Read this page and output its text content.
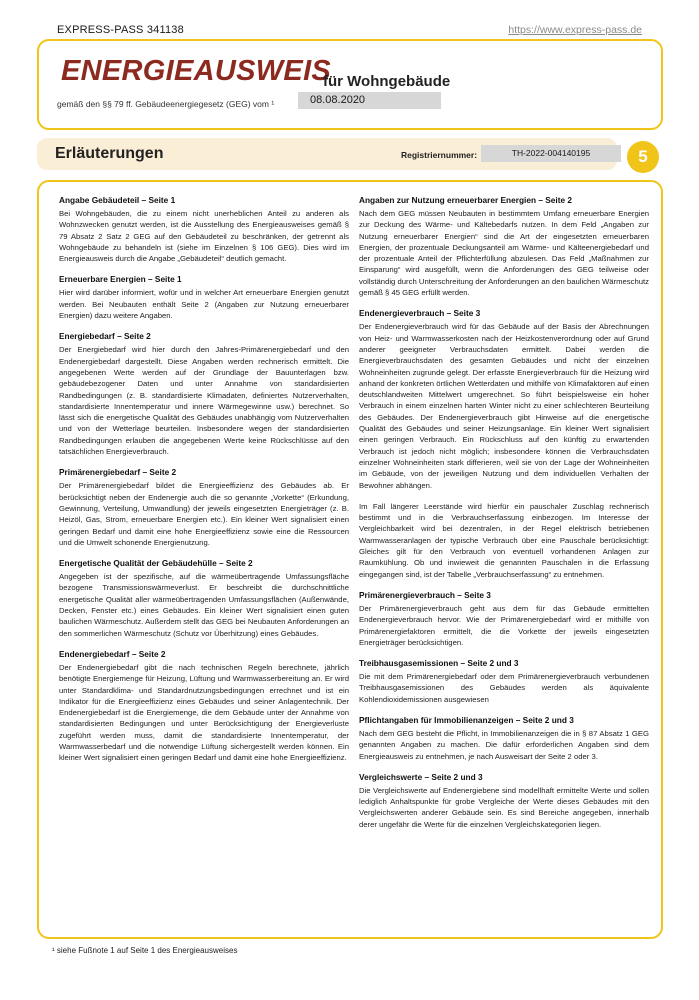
EXPRESS-PASS 341138	https://www.express-pass.de
ENERGIEAUSWEIS
für Wohngebäude
gemäß den §§ 79 ff. Gebäudeenergiegesetz (GEG) vom ¹	08.08.2020
Erläuterungen	Registriernummer:	TH-2022-004140195	5
Angabe Gebäudeteil – Seite 1

Bei Wohngebäuden, die zu einem nicht unerheblichen Anteil zu anderen als Wohnzwecken genutzt werden, ist die Ausstellung des Energieausweises gemäß § 79 Absatz 2 Satz 2 GEG auf den Gebäudeteil zu beschränken, der getrennt als Wohngebäude zu behandeln ist (siehe im Einzelnen § 106 GEG). Dies wird im Energieausweis durch die Angabe „Gebäudeteil“ deutlich gemacht.

Erneuerbare Energien – Seite 1

Hier wird darüber informiert, wofür und in welcher Art erneuerbare Energien genutzt werden. Bei Neubauten enthält Seite 2 (Angaben zur Nutzung erneuerbarer Energien) dazu weitere Angaben.

Energiebedarf – Seite 2

Der Energiebedarf wird hier durch den Jahres-Primärenergiebedarf und den Endenergiebedarf dargestellt. Diese Angaben werden rechnerisch ermittelt. Die angegebenen Werte werden auf der Grundlage der Bauunterlagen bzw. gebäudebezogener Daten und unter Annahme von standardisierten Randbedingungen (z. B. standardisierte Klimadaten, definiertes Nutzerverhalten, standardisierte Innentemperatur und innere Wärmegewinne usw.) berechnet. So lässt sich die energetische Qualität des Gebäudes unabhängig vom Nutzerverhalten und von der Wetterlage beurteilen. Insbesondere wegen der standardisierten Randbedingungen erlauben die angegebenen Werte keine Rückschlüsse auf den tatsächlichen Energieverbrauch.

Primärenergiebedarf – Seite 2

Der Primärenergiebedarf bildet die Energieeffizienz des Gebäudes ab. Er berücksichtigt neben der Endenergie auch die so genannte „Vorkette“ (Erkundung, Gewinnung, Verteilung, Umwandlung) der jeweils eingesetzten Energieträger (z. B. Heizöl, Gas, Strom, erneuerbare Energien etc.). Ein kleiner Wert signalisiert einen geringen Bedarf und damit eine hohe Energieeffizienz sowie eine die Ressourcen und die Umwelt schonende Energienutzung.

Energetische Qualität der Gebäudehülle – Seite 2

Angegeben ist der spezifische, auf die wärmeübertragende Umfassungsfläche bezogene Transmissionswärmeverlust. Er beschreibt die durchschnittliche energetische Qualität aller wärmeübertragenden Umfassungsflächen (Außenwände, Decken, Fenster etc.) eines Gebäudes. Ein kleiner Wert signalisiert einen guten baulichen Wärmeschutz. Außerdem stellt das GEG bei Neubauten Anforderungen an den sommerlichen Wärmeschutz (Schutz vor Überhitzung) eines Gebäudes.

Endenergiebedarf – Seite 2

Der Endenergiebedarf gibt die nach technischen Regeln berechnete, jährlich benötigte Energiemenge für Heizung, Lüftung und Warmwasserbereitung an. Er wird unter Standardklima- und Standardnutzungsbedingungen errechnet und ist ein Indikator für die Energieeffizienz eines Gebäudes und seiner Anlagentechnik. Der Endenergiebedarf ist die Energiemenge, die dem Gebäude unter der Annahme von standardisierten Bedingungen und unter Berücksichtigung der Energieverluste zugeführt werden muss, damit die standardisierte Innentemperatur, der Warmwasserbedarf und die notwendige Lüftung sichergestellt werden können. Ein kleiner Wert signalisiert einen geringen Bedarf und damit eine hohe Energieeffizienz.

Angaben zur Nutzung erneuerbarer Energien – Seite 2

Nach dem GEG müssen Neubauten in bestimmtem Umfang erneuerbare Energien zur Deckung des Wärme- und Kältebedarfs nutzen. In dem Feld „Angaben zur Nutzung erneuerbarer Energien“ sind die Art der eingesetzten erneuerbaren Energien, der prozentuale Deckungsanteil am Wärme- und Kälteenergiebedarf und der prozentuale Anteil der Pflichterfüllung abzulesen. Das Feld „Maßnahmen zur Einsparung“ wird ausgefüllt, wenn die Anforderungen des GEG teilweise oder vollständig durch Unterschreitung der Anforderungen an den baulichen Wärmeschutz gemäß § 45 GEG erfüllt werden.

Endenergieverbrauch – Seite 3

Der Endenergieverbrauch wird für das Gebäude auf der Basis der Abrechnungen von Heiz- und Warmwasserkosten nach der Heizkostenverordnung oder auf Grund anderer geeigneter Verbrauchsdaten ermittelt. Dabei werden die Energieverbrauchsdaten des gesamten Gebäudes und nicht der einzelnen Wohneinheiten zugrunde gelegt. Der erfasste Energieverbrauch für die Heizung wird anhand der konkreten örtlichen Wetterdaten und mithilfe von Klimafaktoren auf einen deutschlandweiten Mittelwert umgerechnet. So führt beispielsweise ein hoher Verbrauch in einem einzelnen harten Winter nicht zu einer schlechteren Beurteilung des Gebäudes. Der Endenergieverbrauch gibt Hinweise auf die energetische Qualität des Gebäudes und seiner Heizungsanlage. Ein kleiner Wert signalisiert einen geringen Verbrauch. Ein Rückschluss auf den künftig zu erwartenden Verbrauch ist jedoch nicht möglich; insbesondere können die Verbrauchsdaten einzelner Wohneinheiten stark differieren, weil sie von der Lage der Wohneinheiten im Gebäude, von der jeweiligen Nutzung und dem individuellen Verhalten der Bewohner abhängen.

Im Fall längerer Leerstände wird hierfür ein pauschaler Zuschlag rechnerisch bestimmt und in die Verbrauchserfassung einbezogen. Im Interesse der Vergleichbarkeit wird bei dezentralen, in der Regel elektrisch betriebenen Warmwasseranlagen der typische Verbrauch über eine Pauschale berücksichtigt: Gleiches gilt für den Verbrauch von eventuell vorhandenen Anlagen zur Raumkühlung. Ob und inwieweit die genannten Pauschalen in die Erfassung eingegangen sind, ist der Tabelle „Verbrauchserfassung“ zu entnehmen.

Primärenergieverbrauch – Seite 3

Der Primärenergieverbrauch geht aus dem für das Gebäude ermittelten Endenergieverbrauch hervor. Wie der Primärenergiebedarf wird er mithilfe von Primärenergiefaktoren ermittelt, die die Vorkette der jeweils eingesetzten Energieträger berücksichtigen.

Treibhausgasemissionen – Seite 2 und 3

Die mit dem Primärenergiebedarf oder dem Primärenergieverbrauch verbundenen Treibhausgasemissionen des Gebäudes werden als äquivalente Kohlendioxidemissionen ausgewiesen

Pflichtangaben für Immobilienanzeigen – Seite 2 und 3

Nach dem GEG besteht die Pflicht, in Immobilienanzeigen die in § 87 Absatz 1 GEG genannten Angaben zu machen. Die dafür erforderlichen Angaben sind dem Energieausweis zu entnehmen, je nach Ausweisart der Seite 2 oder 3.

Vergleichswerte – Seite 2 und 3

Die Vergleichswerte auf Endenergiebene sind modellhaft ermittelte Werte und sollen lediglich Anhaltspunkte für grobe Vergleiche der Werte dieses Gebäudes mit den Vergleichswerten anderer Gebäude sein. Es sind Bereiche angegeben, innerhalb derer ungefähr die Werte für die einzelnen Vergleichskategorien liegen.

¹ siehe Fußnote 1 auf Seite 1 des Energieausweises
